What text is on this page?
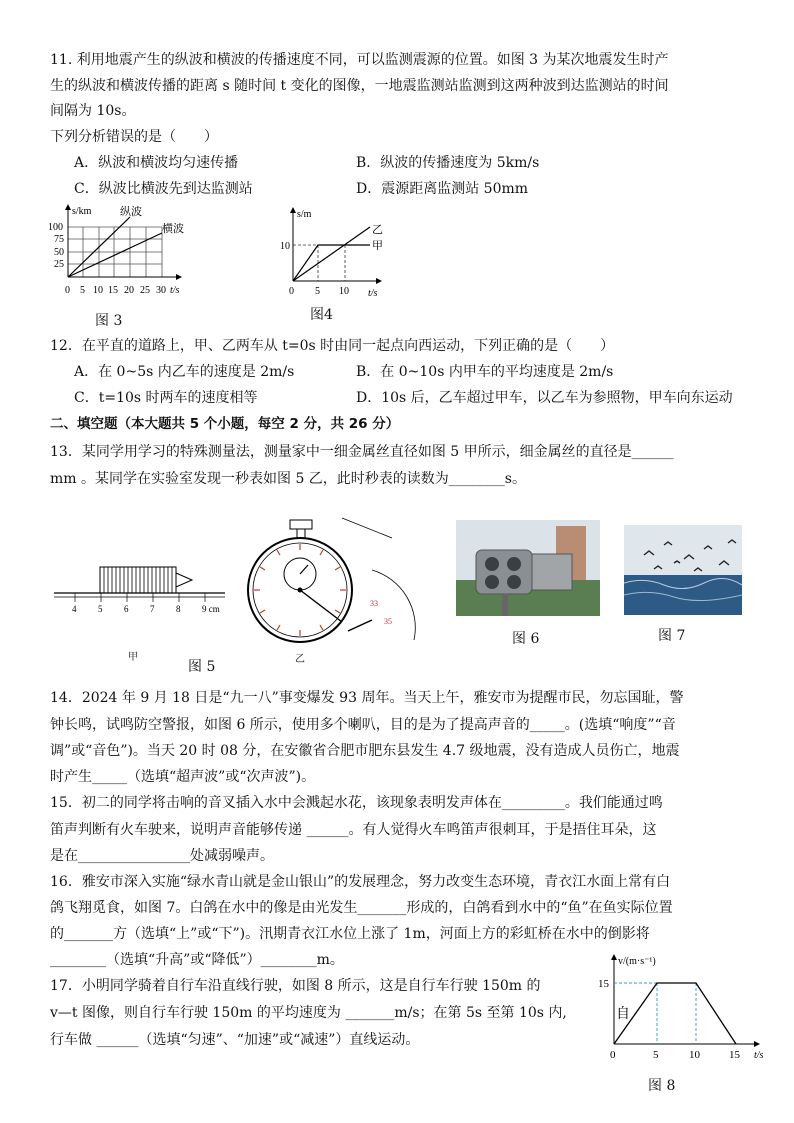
11. 利用地震产生的纵波和横波的传播速度不同，可以监测震源的位置。如图 3 为某次地震发生时产
生的纵波和横波传播的距离 s 随时间 t 变化的图像，一地震监测站监测到这两种波到达监测站的时间
间隔为 10s。
下列分析错误的是（　　）
A．纵波和横波均匀速传播	B．纵波的传播速度为 5km/s
C．纵波比横波先到达监测站	D．震源距离监测站 50mm
s/km	纵波
横波
100
75
50
25
0 5 10 15 20 25 30 t/s
图 3
s/m
乙
甲
10
0 5 10 t/s
图4
12．在平直的道路上，甲、乙两车从 t=0s 时由同一起点向西运动，下列正确的是（　　）
A．在 0~5s 内乙车的速度是 2m/s	B．在 0~10s 内甲车的平均速度是 2m/s
C．t=10s 时两车的速度相等	D．10s 后，乙车超过甲车，以乙车为参照物，甲车向东运动
二、填空题（本大题共 5 个小题，每空 2 分，共 26 分）
13．某同学用学习的特殊测量法，测量家中一细金属丝直径如图 5 甲所示，细金属丝的直径是______
mm 。某同学在实验室发现一秒表如图 5 乙，此时秒表的读数为________s。
4 5 6 7 8 9 cm
甲
图 5
33
35
乙
图 6	图 7
14．2024 年 9 月 18 日是“九一八”事变爆发 93 周年。当天上午，雅安市为提醒市民，勿忘国耻，警
钟长鸣，试鸣防空警报，如图 6 所示，使用多个喇叭，目的是为了提高声音的_____。(选填“响度”“音
调”或“音色”)。当天 20 时 08 分，在安徽省合肥市肥东县发生 4.7 级地震，没有造成人员伤亡，地震
时产生_____（选填“超声波”或“次声波”)。
15．初二的同学将击响的音叉插入水中会溅起水花，该现象表明发声体在_________。我们能通过鸣
笛声判断有火车驶来，说明声音能够传递 ______。有人觉得火车鸣笛声很刺耳，于是捂住耳朵，这
是在________________处减弱噪声。
16．雅安市深入实施“绿水青山就是金山银山”的发展理念，努力改变生态环境，青衣江水面上常有白
鸽飞翔觅食，如图 7。白鸽在水中的像是由光发生_______形成的，白鸽看到水中的“鱼”在鱼实际位置
的_______方（选填“上”或“下”)。汛期青衣江水位上涨了 1m，河面上方的彩虹桥在水中的倒影将
________（选填“升高”或“降低”）________m。
17．小明同学骑着自行车沿直线行驶，如图 8 所示，这是自行车行驶 150m 的
v—t 图像，则自行车行驶 150m 的平均速度为 _______m/s；在第 5s 至第 10s 内,
行车做 ______（选填“匀速”、“加速”或“减速”）直线运动。
v/(m·s⁻¹)
15
自
0	5	10	15 t/s
图 8
